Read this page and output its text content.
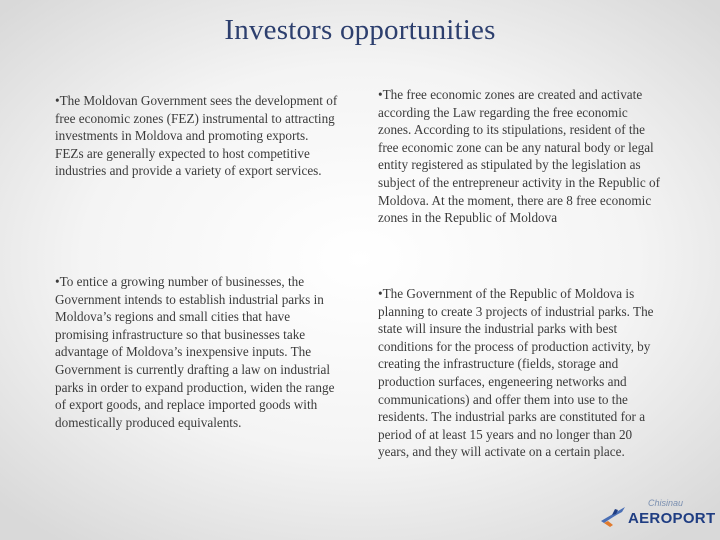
Investors opportunities

•The Moldovan Government sees the development of free economic zones (FEZ) instrumental to attracting investments in Moldova and promoting exports. FEZs are generally expected to host competitive industries and provide a variety of export services.

•To entice a growing number of businesses, the Government intends to establish industrial parks in Moldova’s regions and small cities that have promising infrastructure so that businesses take advantage of Moldova’s inexpensive inputs. The Government is currently drafting a law on industrial parks in order to expand production, widen the range of export goods, and replace imported goods with domestically produced equivalents.

•The free economic zones are created and activate according the Law regarding the free economic zones. According to its stipulations, resident of the free economic zone can be any natural body or legal entity registered as stipulated by the legislation as subject of the entrepreneur activity in the Republic of Moldova. At the moment, there are 8 free economic zones in the Republic of Moldova

•The Government of the Republic of Moldova is planning to create 3 projects of industrial parks. The state will insure the industrial parks with best conditions for the process of production activity, by creating the infrastructure (fields, storage and production surfaces, engeneering networks and communications) and offer them into use to the residents. The industrial parks are constituted for a period of at least 15 years and no longer than 20 years, and they will activate on a certain place.

Chisinau
AEROPORT
